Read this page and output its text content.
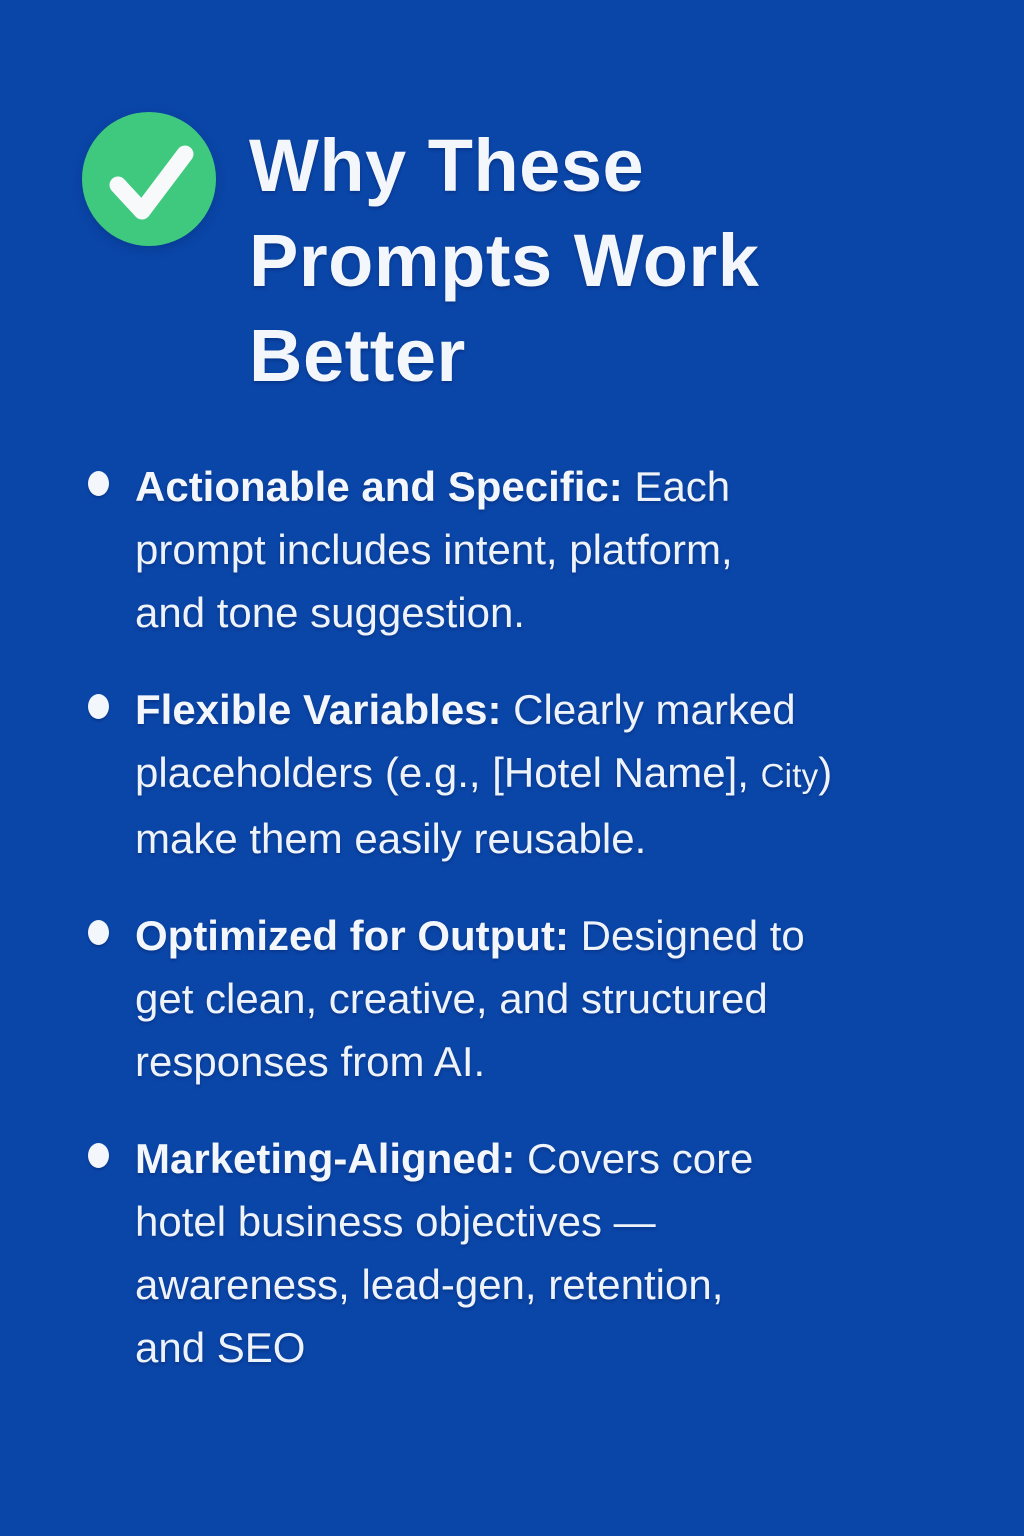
Why These
Prompts Work
Better
Actionable and Specific: Each
prompt includes intent, platform,
and tone suggestion.
Flexible Variables: Clearly marked
placeholders (e.g., [Hotel Name], City)
make them easily reusable.
Optimized for Output: Designed to
get clean, creative, and structured
responses from AI.
Marketing-Aligned: Covers core
hotel business objectives —
awareness, lead-gen, retention,
and SEO
